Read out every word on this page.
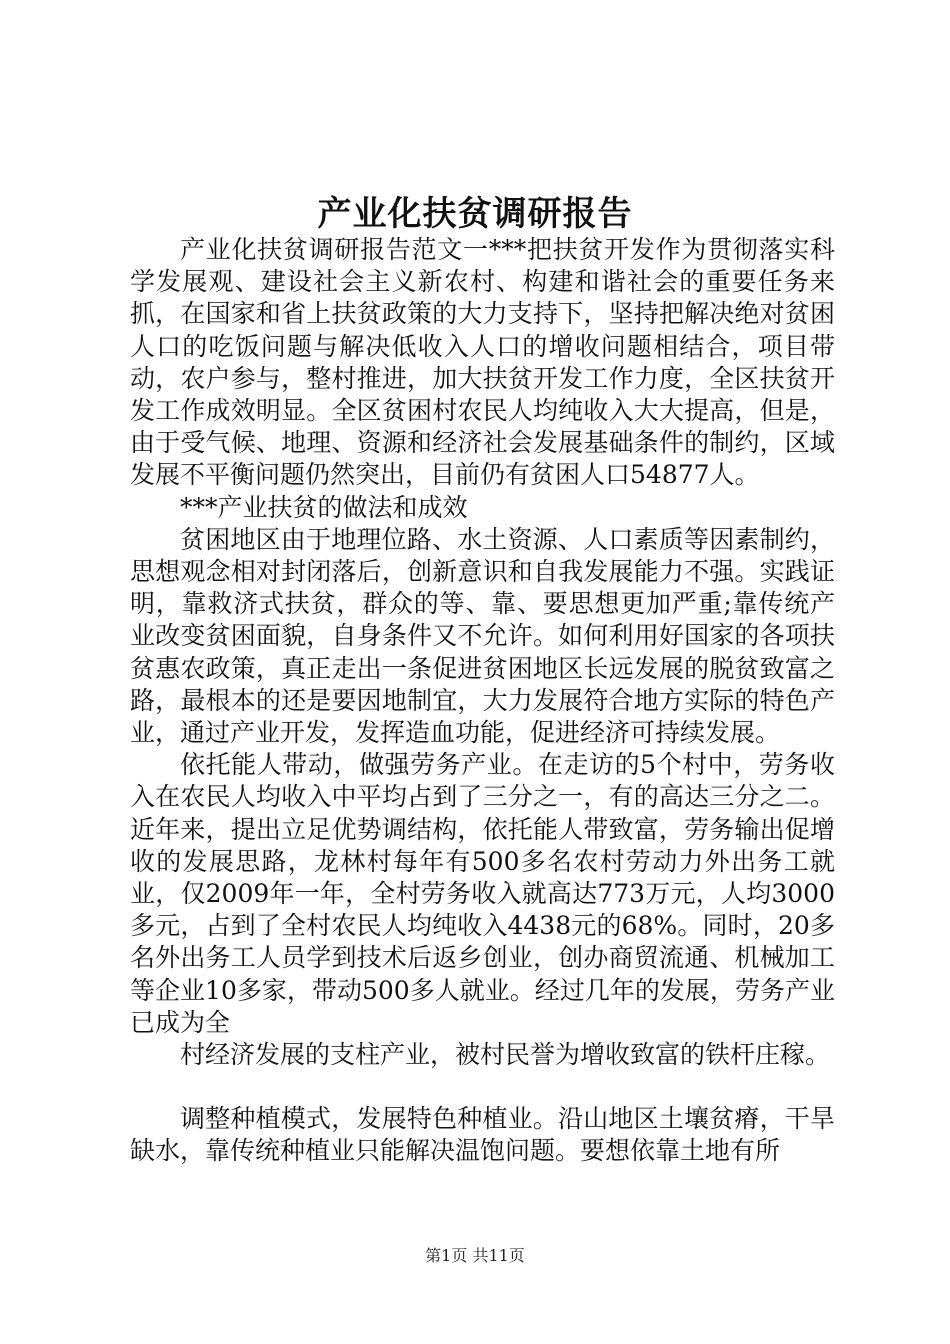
产业化扶贫调研报告

产业化扶贫调研报告范文一***把扶贫开发作为贯彻落实科学发展观、建设社会主义新农村、构建和谐社会的重要任务来抓，在国家和省上扶贫政策的大力支持下，坚持把解决绝对贫困人口的吃饭问题与解决低收入人口的增收问题相结合，项目带动，农户参与，整村推进，加大扶贫开发工作力度，全区扶贫开发工作成效明显。全区贫困村农民人均纯收入大大提高，但是，由于受气候、地理、资源和经济社会发展基础条件的制约，区域发展不平衡问题仍然突出，目前仍有贫困人口54877人。

***产业扶贫的做法和成效

贫困地区由于地理位路、水土资源、人口素质等因素制约，思想观念相对封闭落后，创新意识和自我发展能力不强。实践证明，靠救济式扶贫，群众的等、靠、要思想更加严重;靠传统产业改变贫困面貌，自身条件又不允许。如何利用好国家的各项扶贫惠农政策，真正走出一条促进贫困地区长远发展的脱贫致富之路，最根本的还是要因地制宜，大力发展符合地方实际的特色产业，通过产业开发，发挥造血功能，促进经济可持续发展。

依托能人带动，做强劳务产业。在走访的5个村中，劳务收入在农民人均收入中平均占到了三分之一，有的高达三分之二。近年来，提出立足优势调结构，依托能人带致富，劳务输出促增收的发展思路，龙林村每年有500多名农村劳动力外出务工就业，仅2009年一年，全村劳务收入就高达773万元，人均3000多元，占到了全村农民人均纯收入4438元的68%。同时，20多名外出务工人员学到技术后返乡创业，创办商贸流通、机械加工等企业10多家，带动500多人就业。经过几年的发展，劳务产业已成为全

村经济发展的支柱产业，被村民誉为增收致富的铁杆庄稼。

调整种植模式，发展特色种植业。沿山地区土壤贫瘠，干旱缺水，靠传统种植业只能解决温饱问题。要想依靠土地有所

第1页 共11页
